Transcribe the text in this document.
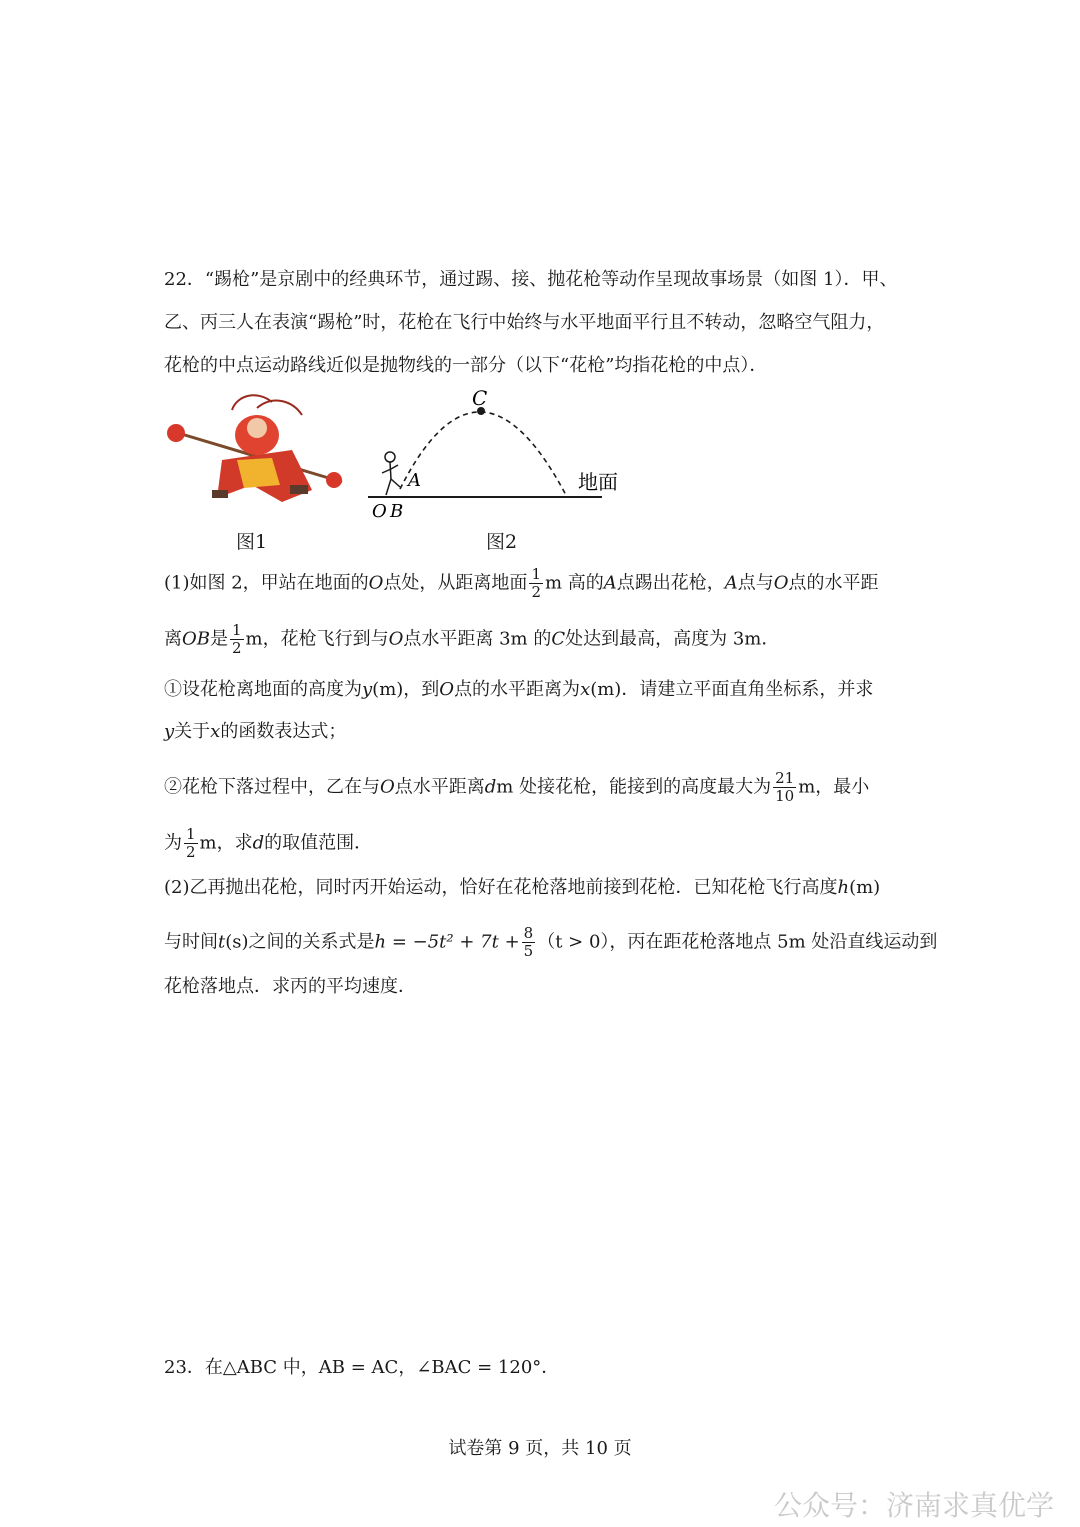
22．“踢枪”是京剧中的经典环节，通过踢、接、抛花枪等动作呈现故事场景（如图 1）．甲、
乙、丙三人在表演“踢枪”时，花枪在飞行中始终与水平地面平行且不转动，忽略空气阻力，
花枪的中点运动路线近似是抛物线的一部分（以下“花枪”均指花枪的中点）．
图1
C
A
O B
地面
图2
(1)如图 2，甲站在地面的O点处，从距离地面 $\frac{1}{2}$ m 高的A点踢出花枪，A点与O点的水平距
离OB是 $\frac{1}{2}$ m，花枪飞行到与O点水平距离 3m 的C处达到最高，高度为 3m．
①设花枪离地面的高度为y(m)，到O点的水平距离为x(m)．请建立平面直角坐标系，并求
y关于x的函数表达式；
②花枪下落过程中，乙在与O点水平距离dm 处接花枪，能接到的高度最大为 $\frac{21}{10}$ m，最小
为 $\frac{1}{2}$ m，求d的取值范围．
(2)乙再抛出花枪，同时丙开始运动，恰好在花枪落地前接到花枪．已知花枪飞行高度h(m)
与时间t(s)之间的关系式是$h = -5t^2 + 7t + \frac{8}{5} (t > 0)$，丙在距花枪落地点 5m 处沿直线运动到
花枪落地点．求丙的平均速度．
23．在△ABC 中，AB = AC，∠BAC = 120°．
试卷第 9 页，共 10 页
公众号：济南求真优学
